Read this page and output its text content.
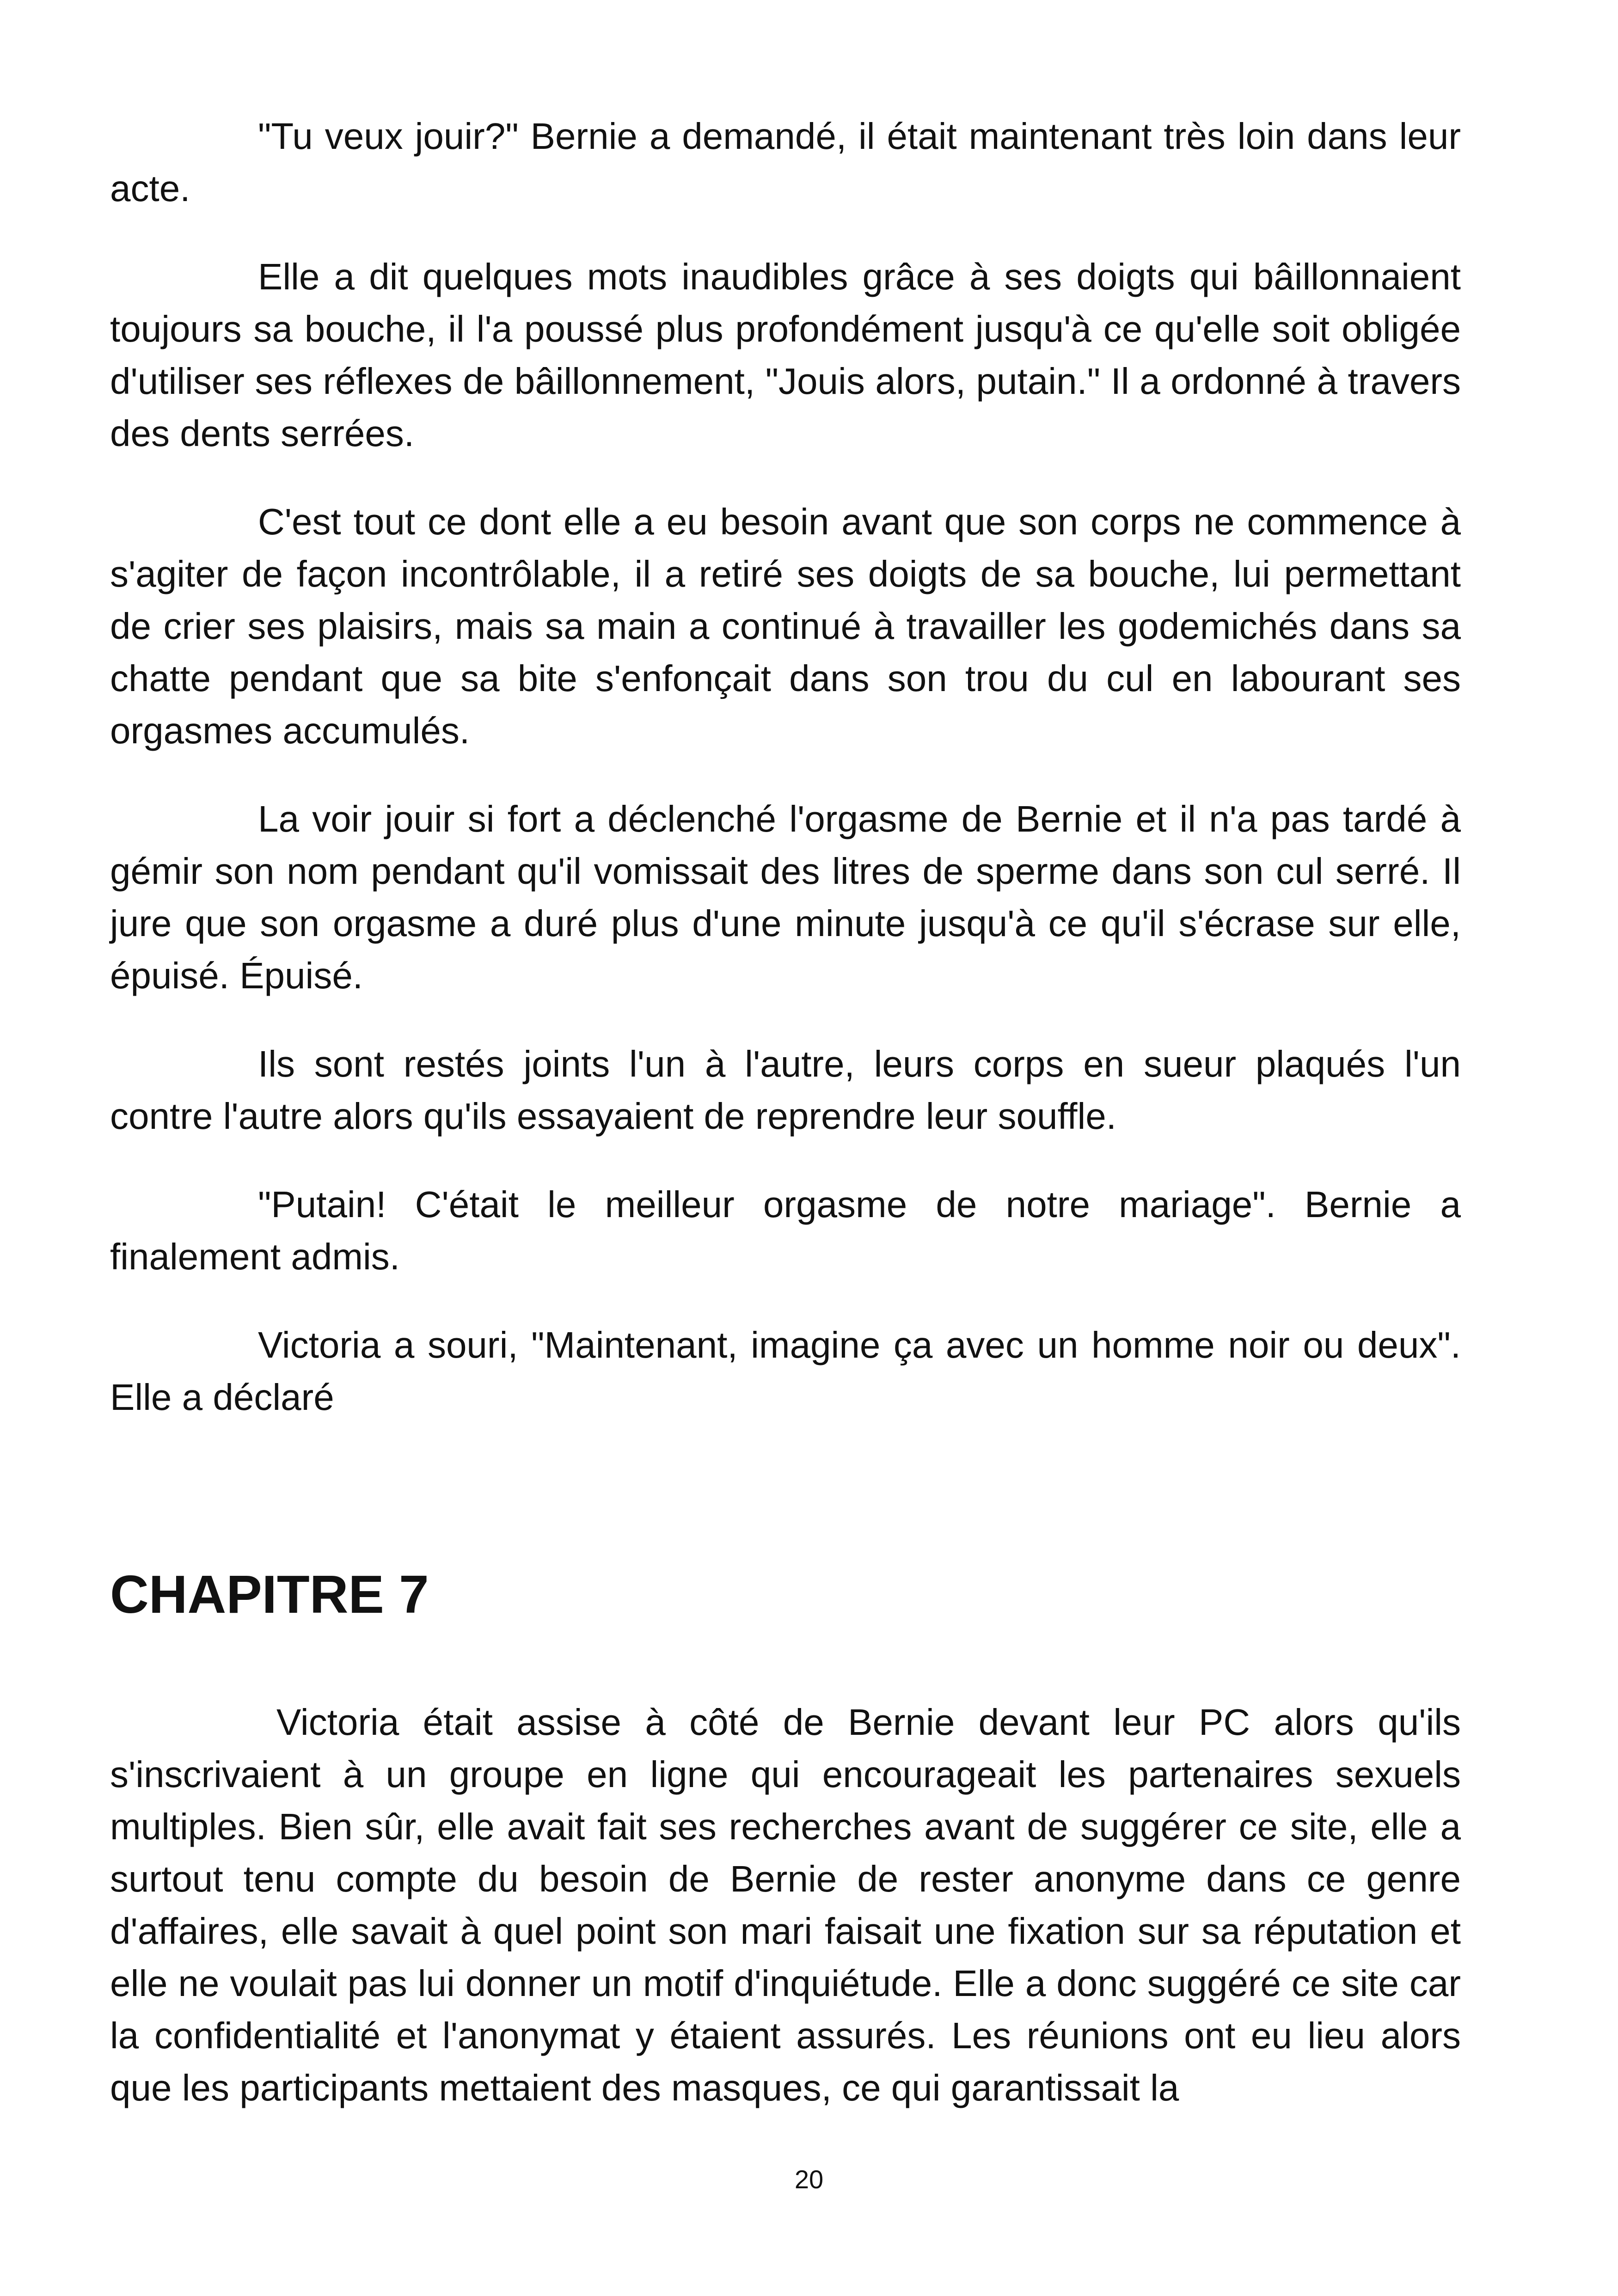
"Tu veux jouir?" Bernie a demandé, il était maintenant très loin dans leur acte.

Elle a dit quelques mots inaudibles grâce à ses doigts qui bâillonnaient toujours sa bouche, il l'a poussé plus profondément jusqu'à ce qu'elle soit obligée d'utiliser ses réflexes de bâillonnement, "Jouis alors, putain." Il a ordonné à travers des dents serrées.

C'est tout ce dont elle a eu besoin avant que son corps ne commence à s'agiter de façon incontrôlable, il a retiré ses doigts de sa bouche, lui permettant de crier ses plaisirs, mais sa main a continué à travailler les godemichés dans sa chatte pendant que sa bite s'enfonçait dans son trou du cul en labourant ses orgasmes accumulés.

La voir jouir si fort a déclenché l'orgasme de Bernie et il n'a pas tardé à gémir son nom pendant qu'il vomissait des litres de sperme dans son cul serré. Il jure que son orgasme a duré plus d'une minute jusqu'à ce qu'il s'écrase sur elle, épuisé. Épuisé.

Ils sont restés joints l'un à l'autre, leurs corps en sueur plaqués l'un contre l'autre alors qu'ils essayaient de reprendre leur souffle.

"Putain! C'était le meilleur orgasme de notre mariage". Bernie a finalement admis.

Victoria a souri, "Maintenant, imagine ça avec un homme noir ou deux". Elle a déclaré

CHAPITRE 7

Victoria était assise à côté de Bernie devant leur PC alors qu'ils s'inscrivaient à un groupe en ligne qui encourageait les partenaires sexuels multiples. Bien sûr, elle avait fait ses recherches avant de suggérer ce site, elle a surtout tenu compte du besoin de Bernie de rester anonyme dans ce genre d'affaires, elle savait à quel point son mari faisait une fixation sur sa réputation et elle ne voulait pas lui donner un motif d'inquiétude. Elle a donc suggéré ce site car la confidentialité et l'anonymat y étaient assurés. Les réunions ont eu lieu alors que les participants mettaient des masques, ce qui garantissait la

20
